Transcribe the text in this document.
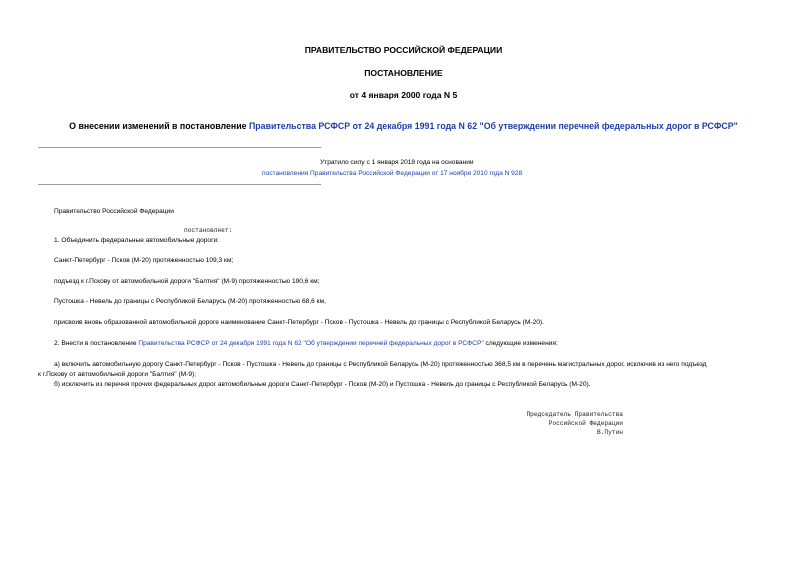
ПРАВИТЕЛЬСТВО РОССИЙСКОЙ ФЕДЕРАЦИИ
ПОСТАНОВЛЕНИЕ
от 4 января 2000 года N 5
О внесении изменений в постановление Правительства РСФСР от 24 декабря 1991 года N 62 "Об утверждении перечней федеральных дорог в РСФСР"
Утратило силу с 1 января 2018 года на основании
постановления Правительства Российской Федерации от 17 ноября 2010 года N 928
Правительство Российской Федерации
постановляет:
1. Объединить федеральные автомобильные дороги:
Санкт-Петербург - Псков (М-20) протяженностью 109,3 км;
подъезд к г.Пскову от автомобильной дороги "Балтия" (М-9) протяженностью 190,6 км;
Пустошка - Невель до границы с Республикой Беларусь (М-20) протяженностью 68,6 км,
присвоив вновь образованной автомобильной дороге наименование Санкт-Петербург - Псков - Пустошка - Невель до границы с Республикой Беларусь (М-20).
2. Внести в постановление Правительства РСФСР от 24 декабря 1991 года N 62 "Об утверждении перечней федеральных дорог в РСФСР" следующие изменения:
а) включить автомобильную дорогу Санкт-Петербург - Псков - Пустошка - Невель до границы с Республикой Беларусь (М-20) протяженностью 368,5 км в перечень магистральных дорог, исключив из него подъезд
к г.Пскову от автомобильной дороги "Балтия" (М-9);
б) исключить из перечня прочих федеральных дорог автомобильные дороги Санкт-Петербург - Псков (М-20) и Пустошка - Невель до границы с Республикой Беларусь (М-20).
Председатель Правительства
Российской Федерации
В.Путин
